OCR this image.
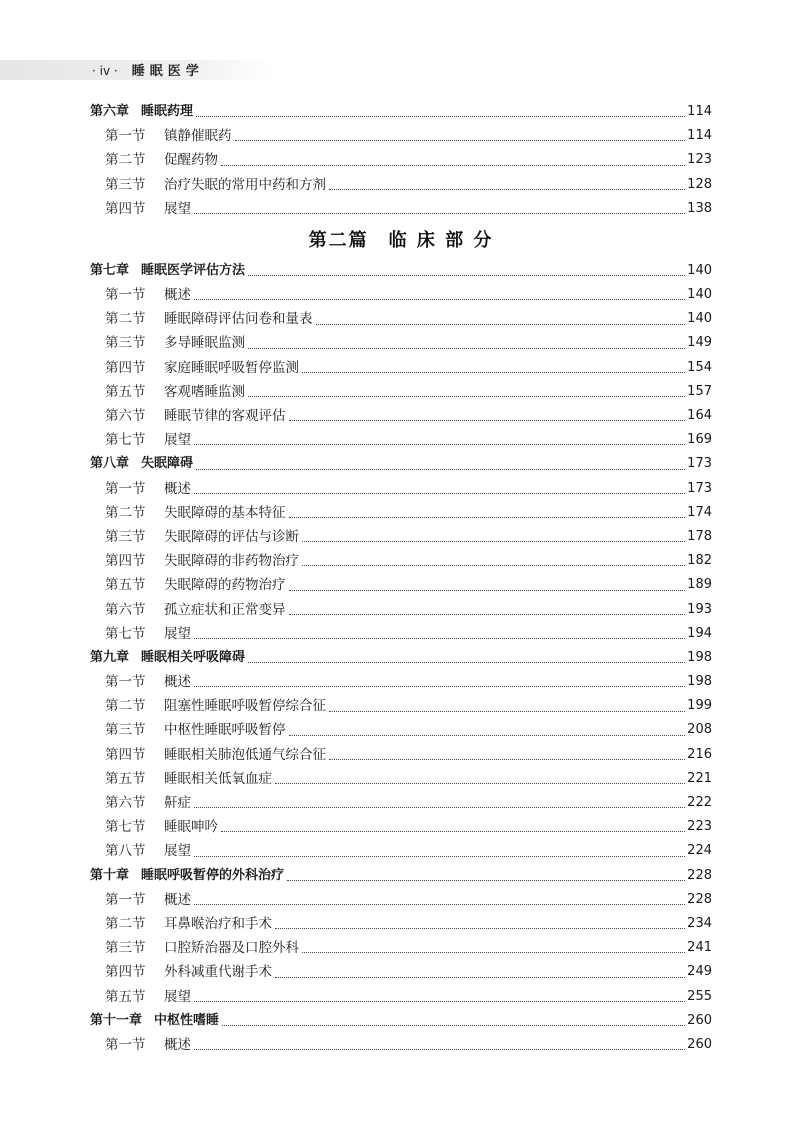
· iv · 睡眠医学
第六章 睡眠药理	114
第一节	镇静催眠药	114
第二节	促醒药物	123
第三节	治疗失眠的常用中药和方剂	128
第四节	展望	138
第二篇　临 床 部 分
第七章 睡眠医学评估方法	140
第一节	概述	140
第二节	睡眠障碍评估问卷和量表	140
第三节	多导睡眠监测	149
第四节	家庭睡眠呼吸暂停监测	154
第五节	客观嗜睡监测	157
第六节	睡眠节律的客观评估	164
第七节	展望	169
第八章 失眠障碍	173
第一节	概述	173
第二节	失眠障碍的基本特征	174
第三节	失眠障碍的评估与诊断	178
第四节	失眠障碍的非药物治疗	182
第五节	失眠障碍的药物治疗	189
第六节	孤立症状和正常变异	193
第七节	展望	194
第九章 睡眠相关呼吸障碍	198
第一节	概述	198
第二节	阻塞性睡眠呼吸暂停综合征	199
第三节	中枢性睡眠呼吸暂停	208
第四节	睡眠相关肺泡低通气综合征	216
第五节	睡眠相关低氧血症	221
第六节	鼾症	222
第七节	睡眠呻吟	223
第八节	展望	224
第十章 睡眠呼吸暂停的外科治疗	228
第一节	概述	228
第二节	耳鼻喉治疗和手术	234
第三节	口腔矫治器及口腔外科	241
第四节	外科减重代谢手术	249
第五节	展望	255
第十一章 中枢性嗜睡	260
第一节	概述	260
